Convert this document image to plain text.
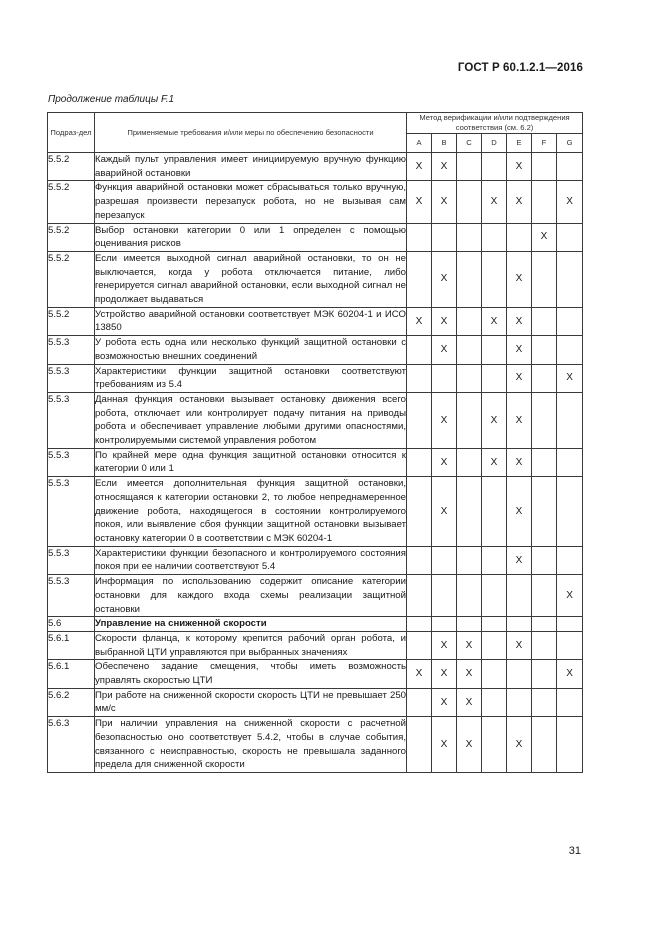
ГОСТ Р 60.1.2.1—2016
Продолжение таблицы F.1
Подраз-дел	Применяемые требования и/или меры по обеспечению безопасности	Метод верификации и/или подтверждения соответствия (см. 6.2)						
		A	B	C	D	E	F	G
5.5.2	Каждый пульт управления имеет инициируемую вручную функцию аварийной остановки	X	X			X		
5.5.2	Функция аварийной остановки может сбрасываться только вручную, разрешая произвести перезапуск робота, но не вызывая сам перезапуск	X	X		X	X		X
5.5.2	Выбор остановки категории 0 или 1 определен с помощью оценивания рисков						X	
5.5.2	Если имеется выходной сигнал аварийной остановки, то он не выключается, когда у робота отключается питание, либо генерируется сигнал аварийной остановки, если выходной сигнал не продолжает выдаваться		X			X		
5.5.2	Устройство аварийной остановки соответствует МЭК 60204-1 и ИСО 13850	X	X		X	X		
5.5.3	У робота есть одна или несколько функций защитной остановки с возможностью внешних соединений		X			X		
5.5.3	Характеристики функции защитной остановки соответствуют требованиям из 5.4					X		X
5.5.3	Данная функция остановки вызывает остановку движения всего робота, отключает или контролирует подачу питания на приводы робота и обеспечивает управление любыми другими опасностями, контролируемыми системой управления роботом		X		X	X		
5.5.3	По крайней мере одна функция защитной остановки относится к категории 0 или 1		X		X	X		
5.5.3	Если имеется дополнительная функция защитной остановки, относящаяся к категории остановки 2, то любое непреднамеренное движение робота, находящегося в состоянии контролируемого покоя, или выявление сбоя функции защитной остановки вызывает остановку категории 0 в соответствии с МЭК 60204-1		X			X		
5.5.3	Характеристики функции безопасного и контролируемого состояния покоя при ее наличии соответствуют 5.4					X		
5.5.3	Информация по использованию содержит описание категории остановки для каждого входа схемы реализации защитной остановки							X
5.6	Управление на сниженной скорости							
5.6.1	Скорости фланца, к которому крепится рабочий орган робота, и выбранной ЦТИ управляются при выбранных значениях		X	X		X		
5.6.1	Обеспечено задание смещения, чтобы иметь возможность управлять скоростью ЦТИ	X	X	X				X
5.6.2	При работе на сниженной скорости скорость ЦТИ не превышает 250 мм/с		X	X				
5.6.3	При наличии управления на сниженной скорости с расчетной безопасностью оно соответствует 5.4.2, чтобы в случае события, связанного с неисправностью, скорость не превышала заданного предела для сниженной скорости		X	X		X		
31
